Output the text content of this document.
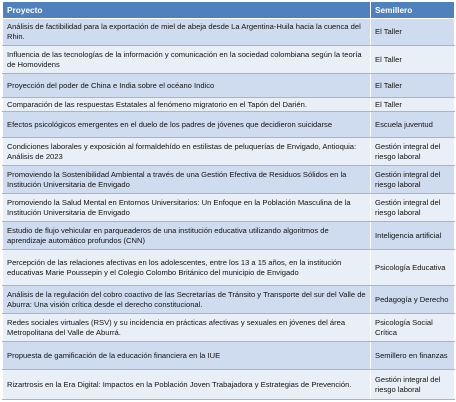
Proyecto	Semillero
Análisis de factibilidad para la exportación de miel de abeja desde La Argentina-Huila hacia la cuenca del Rhin.	El Taller
Influencia de las tecnologías de la información y comunicación en la sociedad colombiana según la teoría de Homovidens	El Taller
Proyección del poder de China e India sobre el océano Indico	El Taller
Comparación de las respuestas Estatales al fenómeno migratorio en el Tapón del Darién.	El Taller
Efectos psicológicos emergentes en el duelo de los padres de jóvenes que decidieron suicidarse	Escuela juventud
Condiciones laborales y exposición al formaldehído en estilistas de peluquerías de Envigado, Antioquia: Análisis de 2023	Gestión integral del riesgo laboral
Promoviendo la Sostenibilidad Ambiental a través de una Gestión Efectiva de Residuos Sólidos en la Institución Universitaria de Envigado	Gestión integral del riesgo laboral
Promoviendo la Salud Mental en Entornos Universitarios: Un Enfoque en la Población Masculina de la Institución Universitaria de Envigado	Gestión integral del riesgo laboral
Estudio de flujo vehicular en parqueaderos de una institución educativa utilizando algoritmos de aprendizaje automático profundos (CNN)	Inteligencia artificial
Percepción de las relaciones afectivas en los adolescentes, entre los 13 a 15 años, en la institución educativas Marie Poussepin y el Colegio Colombo Británico del municipio de Envigado	Psicología Educativa
Análisis de la regulación del cobro coactivo de las Secretarías de Tránsito y Transporte del sur del Valle de Aburra: Una visión crítica desde el derecho constitucional.	Pedagogía y Derecho
Redes sociales virtuales (RSV) y su incidencia en prácticas afectivas y sexuales en jóvenes del área Metropolitana del Valle de Aburrá.	Psicología Social Crítica
Propuesta de gamificación de la educación financiera en la IUE	Semillero en finanzas
Rizartrosis en la Era Digital: Impactos en la Población Joven Trabajadora y Estrategias de Prevención.	Gestión integral del riesgo laboral
